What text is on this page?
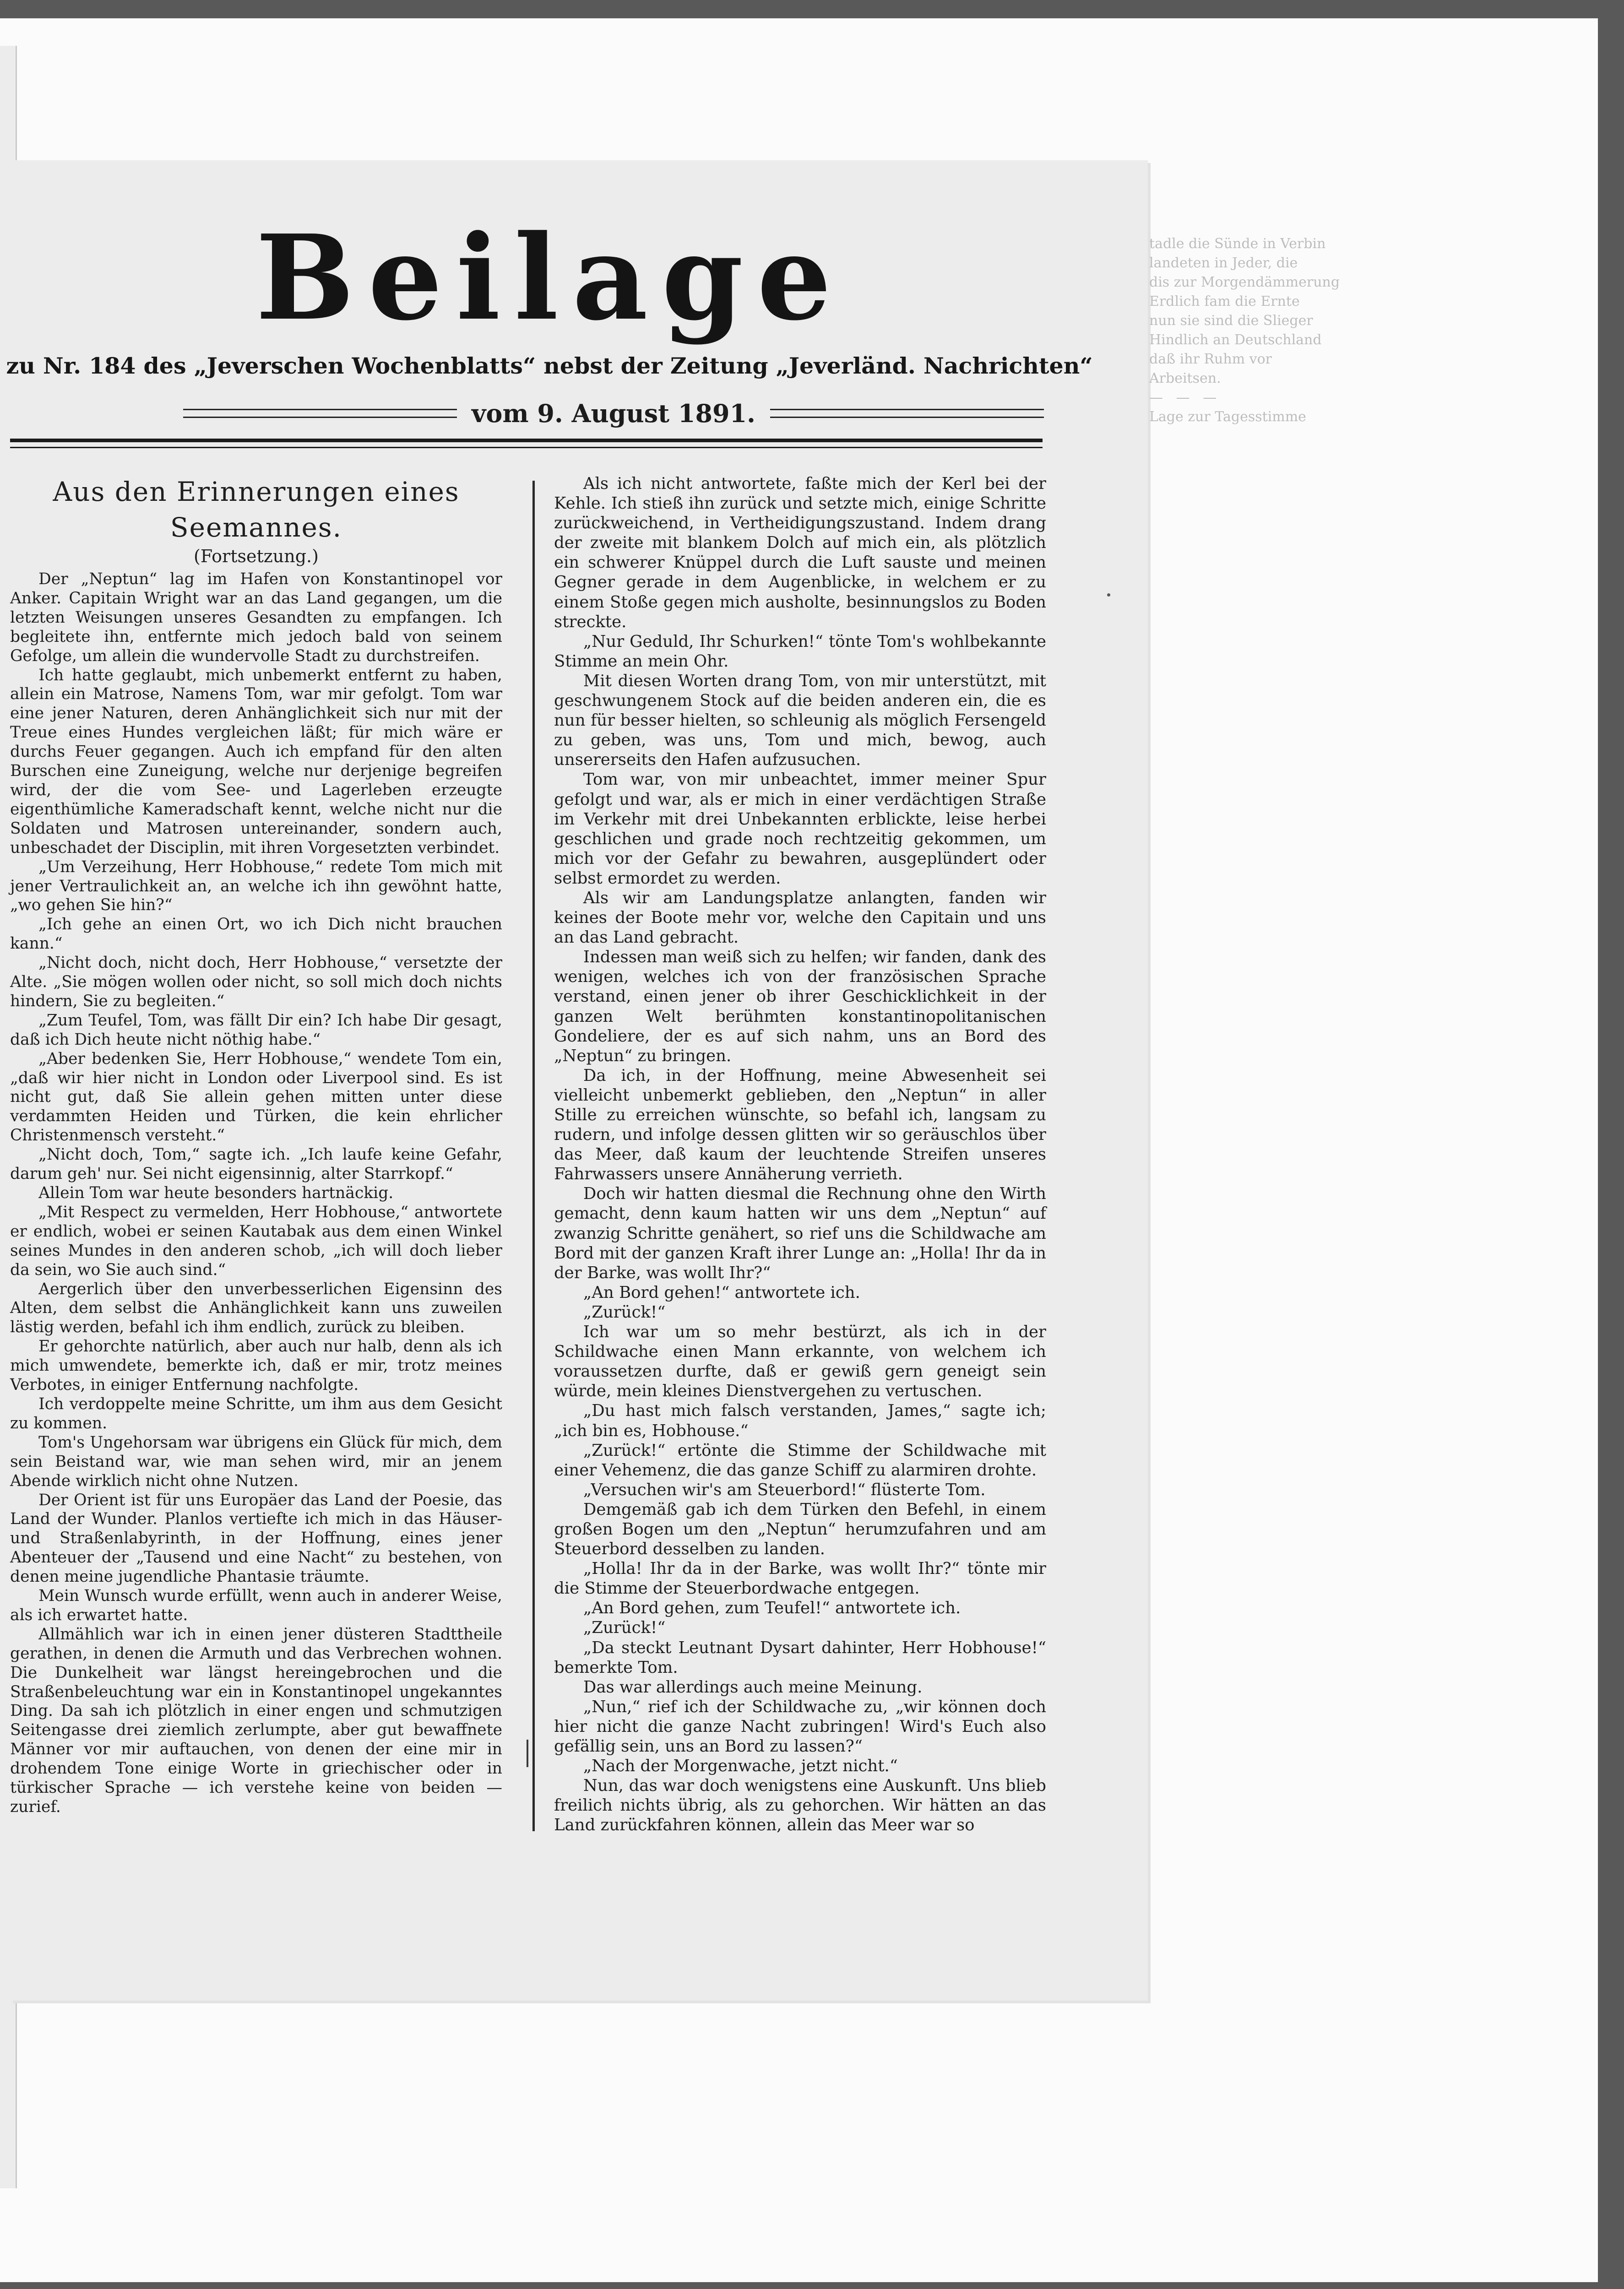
tadle die Sünde in
landeten in Jeder,
dis zur Morgendämmerung
Erdlich fam die Ernte
nun sie sind die
Hindlich an Deutschland
daß ihr Ruhm vor
Arbeitsen.
—   —   —
Lage zur Tagesstimme
Beilage
zu Nr. 184 des „Jeverschen Wochenblatts“ nebst der Zeitung „Jeverländ. Nachrichten“
vom 9. August 1891.
Aus den Erinnerungen eines Seemannes.
(Fortsetzung.)

Der „Neptun“ lag im Hafen von Konstantinopel vor Anker. Capitain Wright war an das Land gegangen, um die letzten Weisungen unseres Gesandten zu empfangen. Ich begleitete ihn, entfernte mich jedoch bald von seinem Gefolge, um allein die wundervolle Stadt zu durchstreifen.

Ich hatte geglaubt, mich unbemerkt entfernt zu haben, allein ein Matrose, Namens Tom, war mir gefolgt. Tom war eine jener Naturen, deren Anhänglichkeit sich nur mit der Treue eines Hundes vergleichen läßt; für mich wäre er durchs Feuer gegangen. Auch ich empfand für den alten Burschen eine Zuneigung, welche nur derjenige begreifen wird, der die vom See- und Lagerleben erzeugte eigenthümliche Kameradschaft kennt, welche nicht nur die Soldaten und Matrosen untereinander, sondern auch, unbeschadet der Disciplin, mit ihren Vorgesetzten verbindet.

„Um Verzeihung, Herr Hobhouse,“ redete Tom mich mit jener Vertraulichkeit an, an welche ich ihn gewöhnt hatte, „wo gehen Sie hin?“

„Ich gehe an einen Ort, wo ich Dich nicht brauchen kann.“

„Nicht doch, nicht doch, Herr Hobhouse,“ versetzte der Alte. „Sie mögen wollen oder nicht, so soll mich doch nichts hindern, Sie zu begleiten.“

„Zum Teufel, Tom, was fällt Dir ein? Ich habe Dir gesagt, daß ich Dich heute nicht nöthig habe.“

„Aber bedenken Sie, Herr Hobhouse,“ wendete Tom ein, „daß wir hier nicht in London oder Liverpool sind. Es ist nicht gut, daß Sie allein gehen mitten unter diese verdammten Heiden und Türken, die kein ehrlicher Christenmensch versteht.“

„Nicht doch, Tom,“ sagte ich. „Ich laufe keine Gefahr, darum geh' nur. Sei nicht eigensinnig, alter Starrkopf.“

Allein Tom war heute besonders hartnäckig.

„Mit Respect zu vermelden, Herr Hobhouse,“ antwortete er endlich, wobei er seinen Kautabak aus dem einen Winkel seines Mundes in den anderen schob, „ich will doch lieber da sein, wo Sie auch sind.“

Aergerlich über den unverbesserlichen Eigensinn des Alten, dem selbst die Anhänglichkeit kann uns zuweilen lästig werden, befahl ich ihm endlich, zurück zu bleiben.

Er gehorchte natürlich, aber auch nur halb, denn als ich mich umwendete, bemerkte ich, daß er mir, trotz meines Verbotes, in einiger Entfernung nachfolgte.

Ich verdoppelte meine Schritte, um ihm aus dem Gesicht zu kommen.

Tom's Ungehorsam war übrigens ein Glück für mich, dem sein Beistand war, wie man sehen wird, mir an jenem Abende wirklich nicht ohne Nutzen.

Der Orient ist für uns Europäer das Land der Poesie, das Land der Wunder. Planlos vertiefte ich mich in das Häuser- und Straßenlabyrinth, in der Hoffnung, eines jener Abenteuer der „Tausend und eine Nacht“ zu bestehen, von denen meine jugendliche Phantasie träumte.

Mein Wunsch wurde erfüllt, wenn auch in anderer Weise, als ich erwartet hatte.

Allmählich war ich in einen jener düsteren Stadttheile gerathen, in denen die Armuth und das Verbrechen wohnen. Die Dunkelheit war längst hereingebrochen und die Straßenbeleuchtung war ein in Konstantinopel ungekanntes Ding. Da sah ich plötzlich in einer engen und schmutzigen Seitengasse drei ziemlich zerlumpte, aber gut bewaffnete Männer vor mir auftauchen, von denen der eine mir in drohendem Tone einige Worte in griechischer oder in türkischer Sprache — ich verstehe keine von beiden — zurief.

Als ich nicht antwortete, faßte mich der Kerl bei der Kehle. Ich stieß ihn zurück und setzte mich, einige Schritte zurückweichend, in Vertheidigungszustand. Indem drang der zweite mit blankem Dolch auf mich ein, als plötzlich ein schwerer Knüppel durch die Luft sauste und meinen Gegner gerade in dem Augenblicke, in welchem er zu einem Stoße gegen mich ausholte, besinnungslos zu Boden streckte.

„Nur Geduld, Ihr Schurken!“ tönte Tom's wohlbekannte Stimme an mein Ohr.

Mit diesen Worten drang Tom, von mir unterstützt, mit geschwungenem Stock auf die beiden anderen ein, die es nun für besser hielten, so schleunig als möglich Fersengeld zu geben, was uns, Tom und mich, bewog, auch unsererseits den Hafen aufzusuchen.

Tom war, von mir unbeachtet, immer meiner Spur gefolgt und war, als er mich in einer verdächtigen Straße im Verkehr mit drei Unbekannten erblickte, leise herbei geschlichen und grade noch rechtzeitig gekommen, um mich vor der Gefahr zu bewahren, ausgeplündert oder selbst ermordet zu werden.

Als wir am Landungsplatze anlangten, fanden wir keines der Boote mehr vor, welche den Capitain und uns an das Land gebracht.

Indessen man weiß sich zu helfen; wir fanden, dank des wenigen, welches ich von der französischen Sprache verstand, einen jener ob ihrer Geschicklichkeit in der ganzen Welt berühmten konstantinopolitanischen Gondeliere, der es auf sich nahm, uns an Bord des „Neptun“ zu bringen.

Da ich, in der Hoffnung, meine Abwesenheit sei vielleicht unbemerkt geblieben, den „Neptun“ in aller Stille zu erreichen wünschte, so befahl ich, langsam zu rudern, und infolge dessen glitten wir so geräuschlos über das Meer, daß kaum der leuchtende Streifen unseres Fahrwassers unsere Annäherung verrieth.

Doch wir hatten diesmal die Rechnung ohne den Wirth gemacht, denn kaum hatten wir uns dem „Neptun“ auf zwanzig Schritte genähert, so rief uns die Schildwache am Bord mit der ganzen Kraft ihrer Lunge an: „Holla! Ihr da in der Barke, was wollt Ihr?“

„An Bord gehen!“ antwortete ich.

„Zurück!“

Ich war um so mehr bestürzt, als ich in der Schildwache einen Mann erkannte, von welchem ich voraussetzen durfte, daß er gewiß gern geneigt sein würde, mein kleines Dienstvergehen zu vertuschen.

„Du hast mich falsch verstanden, James,“ sagte ich; „ich bin es, Hobhouse.“

„Zurück!“ ertönte die Stimme der Schildwache mit einer Vehemenz, die das ganze Schiff zu alarmiren drohte.

„Versuchen wir's am Steuerbord!“ flüsterte Tom.

Demgemäß gab ich dem Türken den Befehl, in einem großen Bogen um den „Neptun“ herumzufahren und am Steuerbord desselben zu landen.

„Holla! Ihr da in der Barke, was wollt Ihr?“ tönte mir die Stimme der Steuerbordwache entgegen.

„An Bord gehen, zum Teufel!“ antwortete ich.

„Zurück!“

„Da steckt Leutnant Dysart dahinter, Herr Hobhouse!“ bemerkte Tom.

Das war allerdings auch meine Meinung.

„Nun,“ rief ich der Schildwache zu, „wir können doch hier nicht die ganze Nacht zubringen! Wird's Euch also gefällig sein, uns an Bord zu lassen?“

„Nach der Morgenwache, jetzt nicht.“

Nun, das war doch wenigstens eine Auskunft. Uns blieb freilich nichts übrig, als zu gehorchen. Wir hätten an das Land zurückfahren können, allein das Meer war so
